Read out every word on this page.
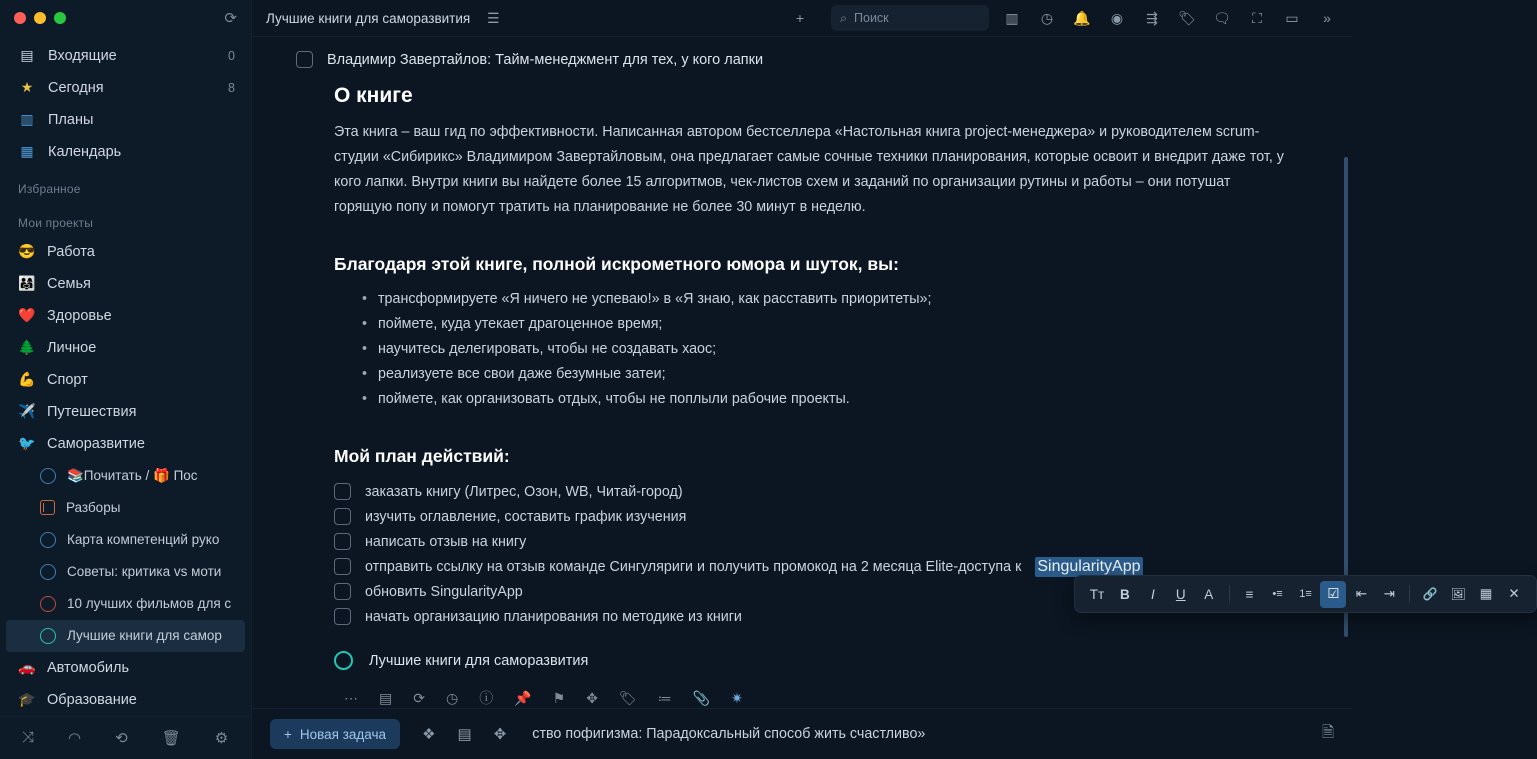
⟳
▤ Входящие	0
★ Сегодня	8
▥ Планы
▦ Календарь
Избранное
Мои проекты
😎 Работа
👨‍👩‍👧 Семья
❤️ Здоровье
🌲 Личное
💪 Спорт
✈️ Путешествия
🐦 Саморазвитие
📚Почитать / 🎁 Пос
Разборы
Карта компетенций руко
Советы: критика vs моти
10 лучших фильмов для с
Лучшие книги для самор
🚗 Автомобиль
🎓 Образование
⤨ ◠ ⟲ 🗑 ⚙
Лучшие книги для саморазвития	☰	+	⌕ Поиск	▥	◷	🔔	◉	⇶	🏷 🗨	⛶	▭	»
Владимир Завертайлов: Тайм-менеджмент для тех, у кого лапки
О книге

Эта книга – ваш гид по эффективности. Написанная автором бестселлера «Настольная книга project-менеджера» и руководителем scrum-студии «Сибирикс» Владимиром Завертайловым, она предлагает самые сочные техники планирования, которые освоит и внедрит даже тот, у кого лапки. Внутри книги вы найдете более 15 алгоритмов, чек-листов схем и заданий по организации рутины и работы – они потушат горящую попу и помогут тратить на планирование не более 30 минут в неделю.

Благодаря этой книге, полной искрометного юмора и шуток, вы:
• трансформируете «Я ничего не успеваю!» в «Я знаю, как расставить приоритеты»;
• поймете, куда утекает драгоценное время;
• научитесь делегировать, чтобы не создавать хаос;
• реализуете все свои даже безумные затеи;
• поймете, как организовать отдых, чтобы не поплыли рабочие проекты.
Мой план действий:
заказать книгу (Литрес, Озон, WB, Читай-город)
изучить оглавление, составить график изучения
написать отзыв на книгу
отправить ссылку на отзыв команде Сингуляриги и получить промокод на 2 месяца Elite-доступа к SingularityApp
обновить SingularityApp
начать организацию планирования по методике из книги
Лучшие книги для саморазвития
⋯ ▤ ⟳ ◷ ⓘ 📌 ⚑ ✥ 🏷 ≔ 📎 ✷
Tт	B	I	U	A	≡	•≡	1≡	☑	⇤	⇥	🔗	🖼	▦	✕
+ Новая задача ❖ ▤ ✥ ство пофигизма: Парадоксальный способ жить счастливо»	🗎
